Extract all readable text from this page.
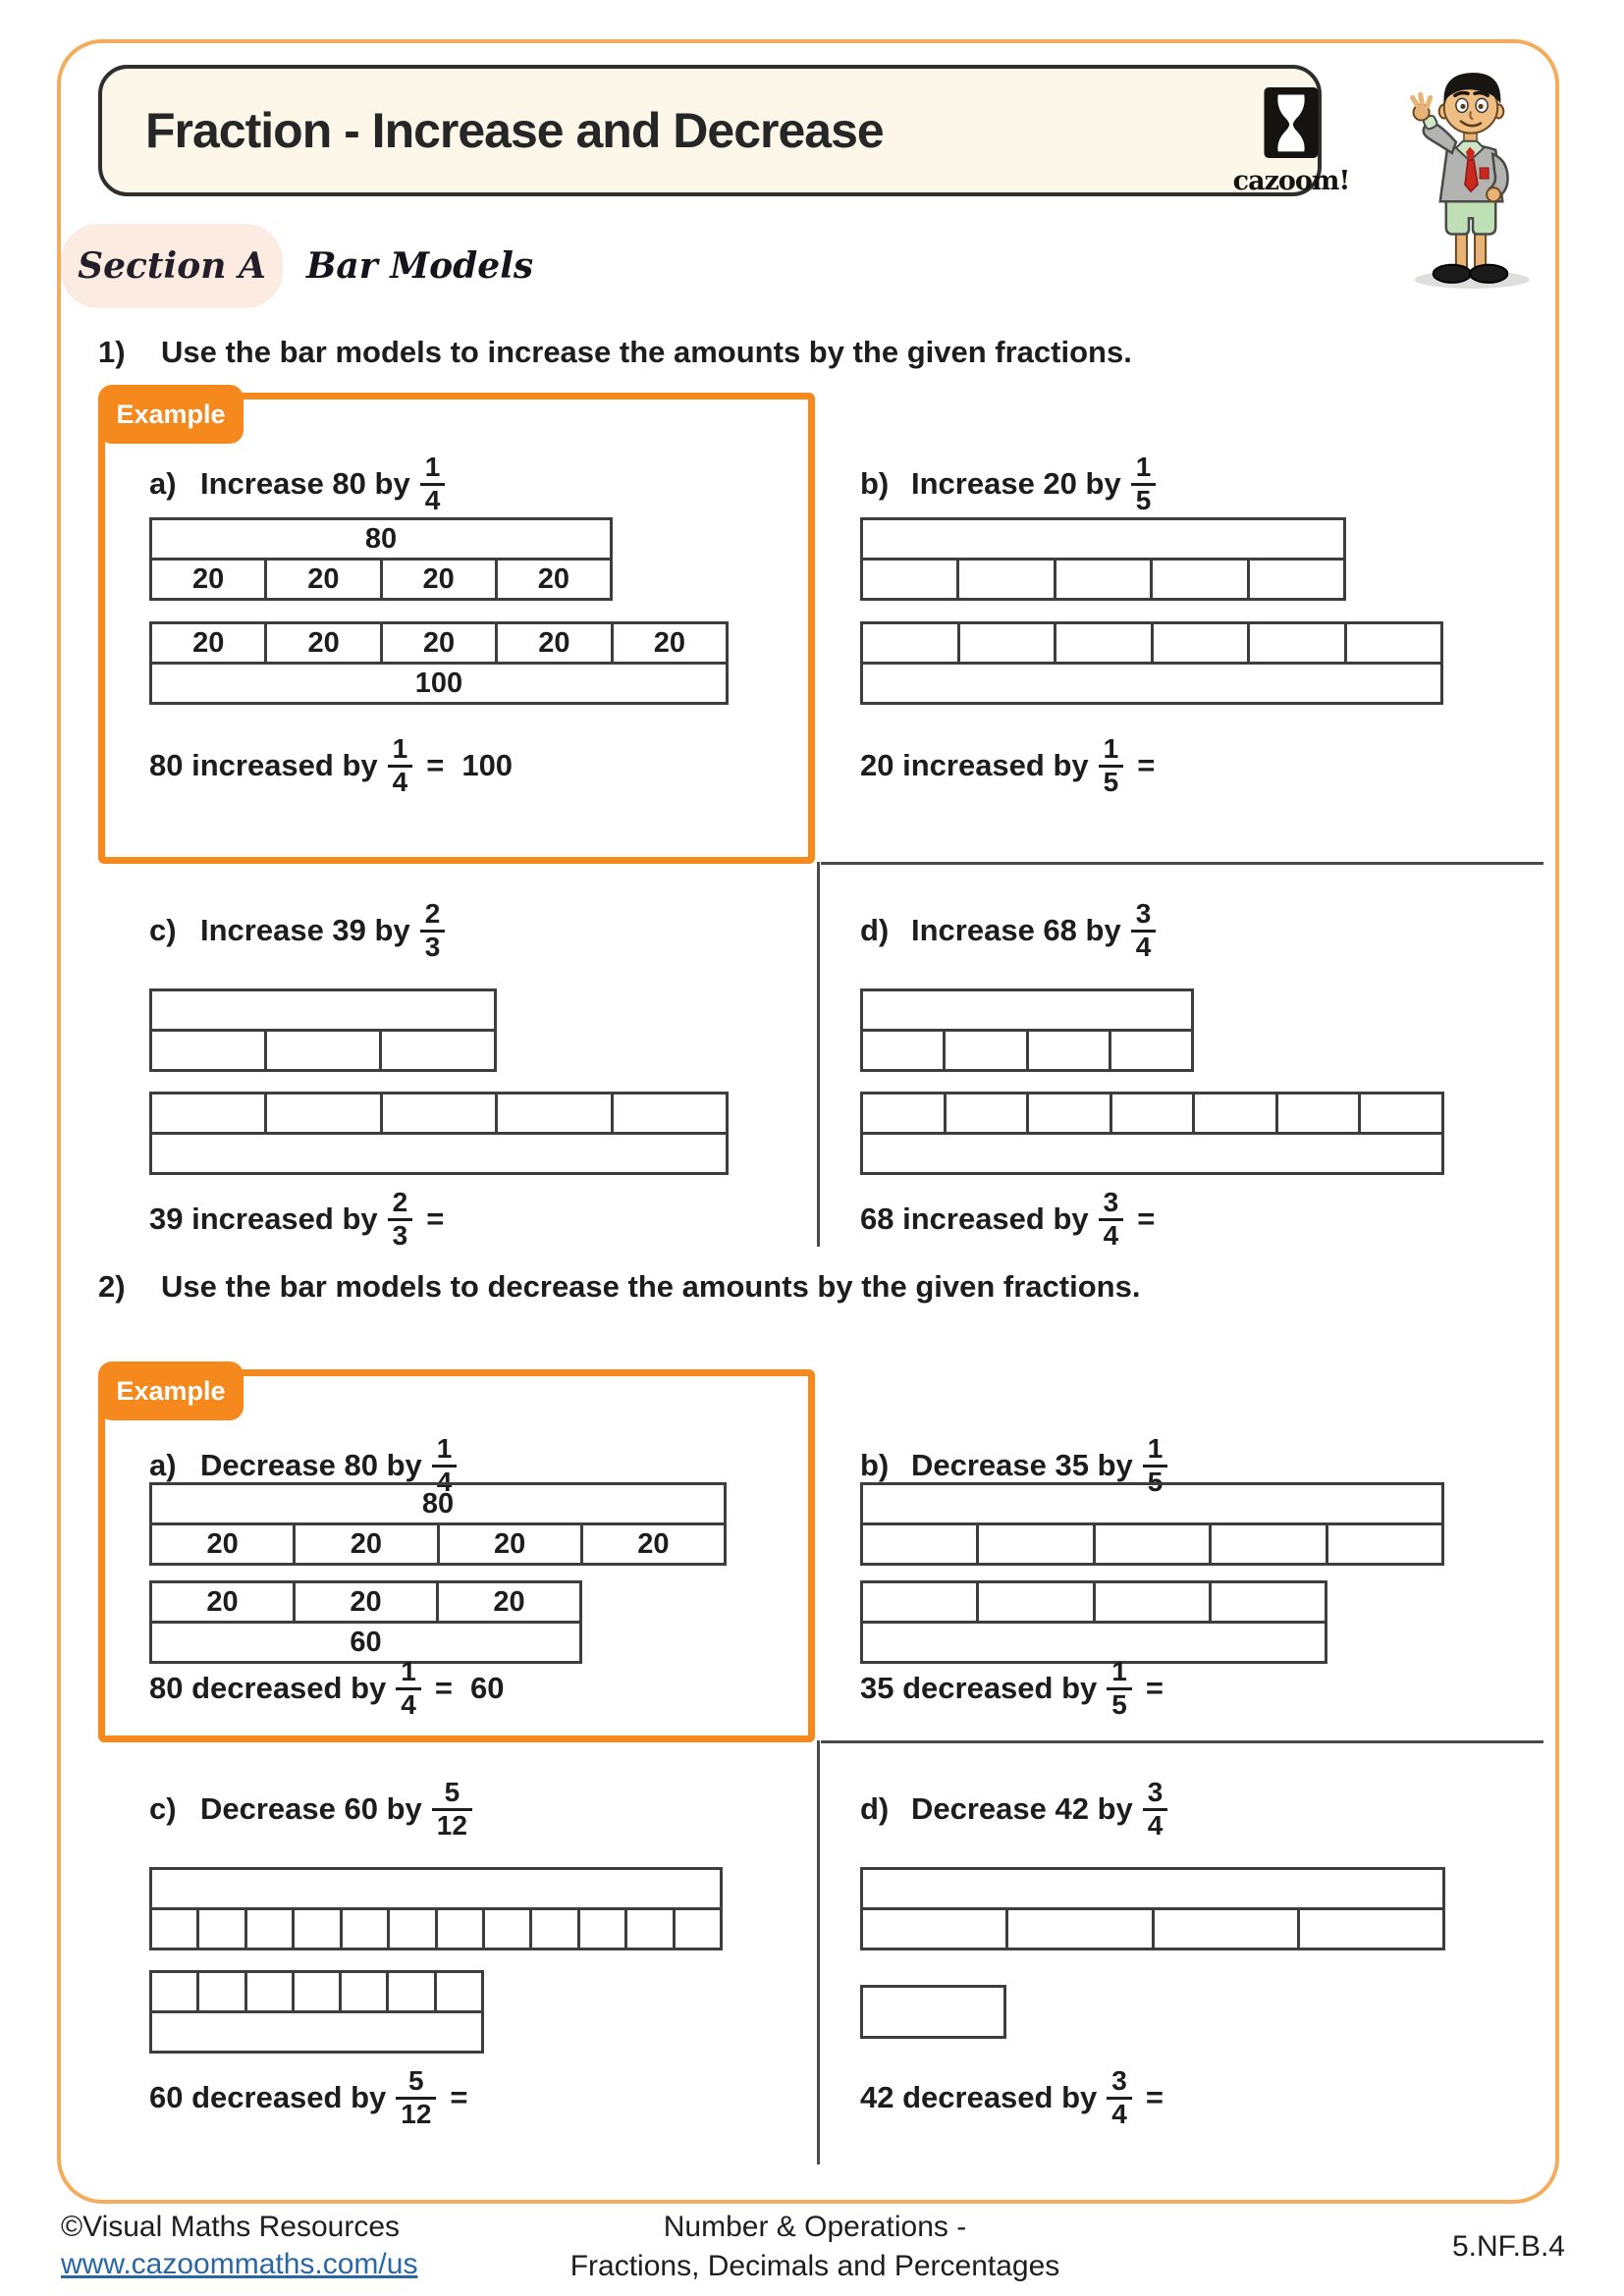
Fraction - Increase and Decrease
cazoom!
Section A Bar Models
1)	Use the bar models to increase the amounts by the given fractions.
Example
a) Increase 80 by $\frac{1}{4}$
80
20	20	20	20
20	20	20	20	20
100
80 increased by $\frac{1}{4} = 100$
b) Increase 20 by $\frac{1}{5}$
20 increased by $\frac{1}{5}$ =
c) Increase 39 by $\frac{2}{3}$
39 increased by $\frac{2}{3}$ =
d) Increase 68 by $\frac{3}{4}$
68 increased by $\frac{3}{4}$ =
2)	Use the bar models to decrease the amounts by the given fractions.
Example
a) Decrease 80 by $\frac{1}{4}$
80
20	20	20	20
20	20	20
60
80 decreased by $\frac{1}{4} = 60$
b) Decrease 35 by $\frac{1}{5}$
35 decreased by $\frac{1}{5}$ =
c) Decrease 60 by $\frac{5}{12}$
60 decreased by $\frac{5}{12}$ =
d) Decrease 42 by $\frac{3}{4}$
42 decreased by $\frac{3}{4}$ =
©Visual Maths Resources
www.cazoommaths.com/us
Number & Operations -
Fractions, Decimals and Percentages
5.NF.B.4
